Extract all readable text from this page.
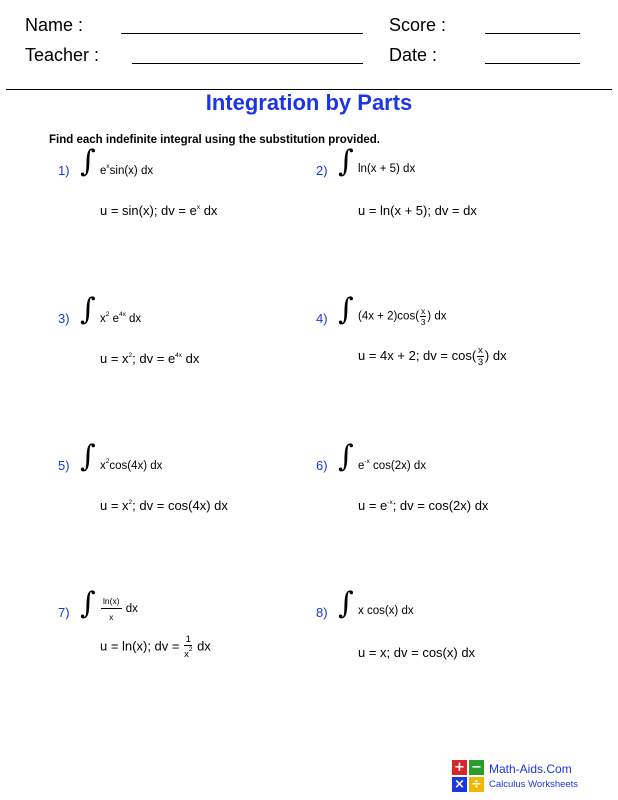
Name :	Score :
Teacher :	Date :
Integration by Parts
Find each indefinite integral using the substitution provided.
1) ∫ $e^x\sin(x)$ dx
u = sin(x); dv = $e^x$ dx
2) ∫ ln(x + 5) dx
u = ln(x + 5); dv = dx
3) ∫ $x^2$ $e^{4x}$ dx
$u = x^2$; dv = $e^{4x}$ dx
4) ∫ $(4x + 2)\cos( \frac{x}{3}$ ) dx
u = 4x + 2; dv = $\cos( \frac{x}{3}$ ) dx
5) ∫ $x^2\cos(4x)$ dx
$u = x^2$; dv = cos(4x) dx
6) ∫ $e^{-x}$ cos(2x) dx
$u = e^{-x}$; dv = cos(2x) dx
7) ∫ $\frac{\ln(x)}{x}$ dx
u = ln(x); dv = $\frac{1}{x^2}$ dx
8) ∫ x cos(x) dx
u = x; dv = cos(x) dx
+ −
× ÷
Math-Aids.Com
Calculus Worksheets
